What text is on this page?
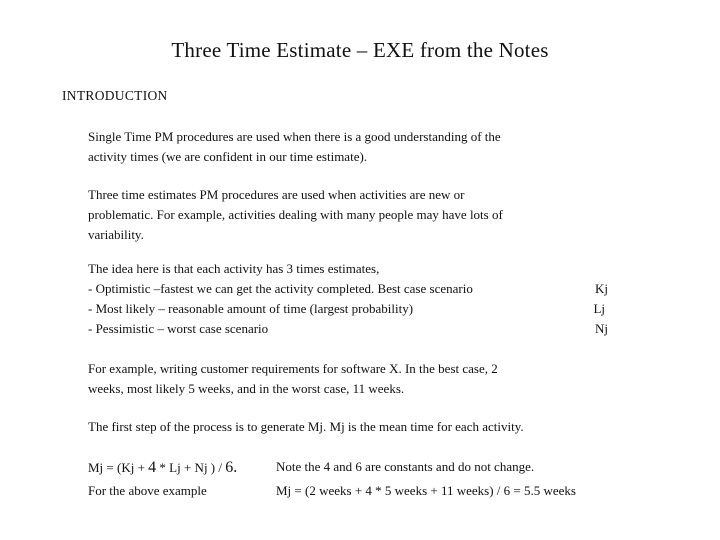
Three Time Estimate – EXE from the Notes
INTRODUCTION
Single Time PM procedures are used when there is a good understanding of the
activity times (we are confident in our time estimate).
Three time estimates PM procedures are used when activities are new or
problematic. For example, activities dealing with many people may have lots of
variability.
The idea here is that each activity has 3 times estimates,
- Optimistic –fastest we can get the activity completed. Best case scenario	Kj
- Most likely – reasonable amount of time (largest probability)	Lj
- Pessimistic – worst case scenario	Nj
For example, writing customer requirements for software X. In the best case, 2
weeks, most likely 5 weeks, and in the worst case, 11 weeks.
The first step of the process is to generate Mj. Mj is the mean time for each activity.
Mj = (Kj + 4 * Lj + Nj ) / 6.	Note the 4 and 6 are constants and do not change.
For the above example	Mj = (2 weeks + 4 * 5 weeks + 11 weeks) / 6 = 5.5 weeks
